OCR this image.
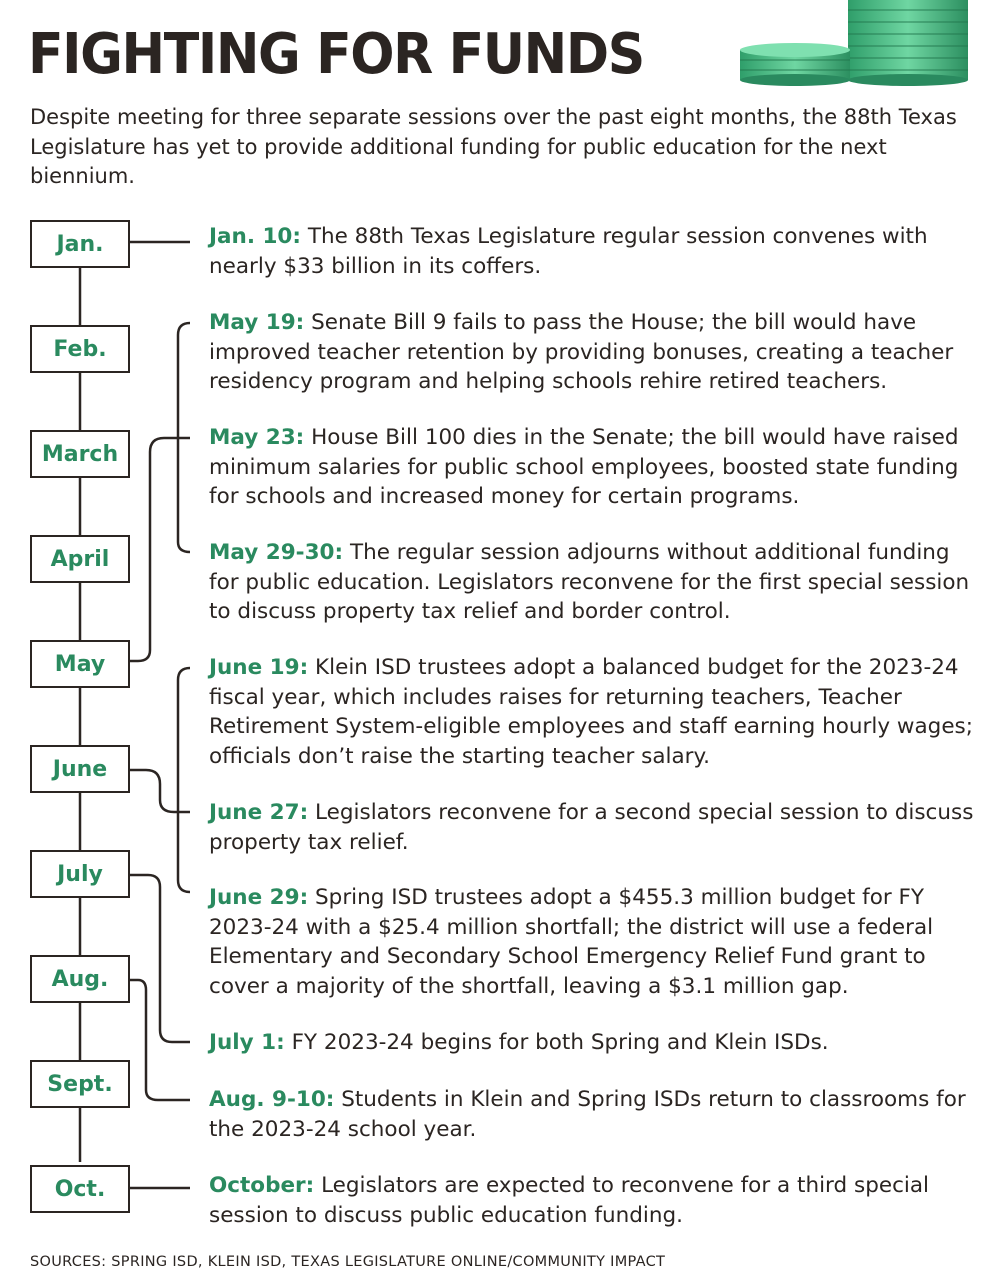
FIGHTING FOR FUNDS

Despite meeting for three separate sessions over the past eight months, the 88th Texas Legislature has yet to provide additional funding for public education for the next biennium.

Jan.
Feb.
March
April
May
June
July
Aug.
Sept.
Oct.
Jan. 10: The 88th Texas Legislature regular session convenes with nearly $33 billion in its coffers.
May 19: Senate Bill 9 fails to pass the House; the bill would have improved teacher retention by providing bonuses, creating a teacher residency program and helping schools rehire retired teachers.
May 23: House Bill 100 dies in the Senate; the bill would have raised minimum salaries for public school employees, boosted state funding for schools and increased money for certain programs.
May 29-30: The regular session adjourns without additional funding for public education. Legislators reconvene for the first special session to discuss property tax relief and border control.
June 19: Klein ISD trustees adopt a balanced budget for the 2023-24 fiscal year, which includes raises for returning teachers, Teacher Retirement System-eligible employees and staff earning hourly wages; officials don’t raise the starting teacher salary.
June 27: Legislators reconvene for a second special session to discuss property tax relief.
June 29: Spring ISD trustees adopt a $455.3 million budget for FY 2023-24 with a $25.4 million shortfall; the district will use a federal Elementary and Secondary School Emergency Relief Fund grant to cover a majority of the shortfall, leaving a $3.1 million gap.
July 1: FY 2023-24 begins for both Spring and Klein ISDs.
Aug. 9-10: Students in Klein and Spring ISDs return to classrooms for the 2023-24 school year.
October: Legislators are expected to reconvene for a third special session to discuss public education funding.
SOURCES: SPRING ISD, KLEIN ISD, TEXAS LEGISLATURE ONLINE/COMMUNITY IMPACT
